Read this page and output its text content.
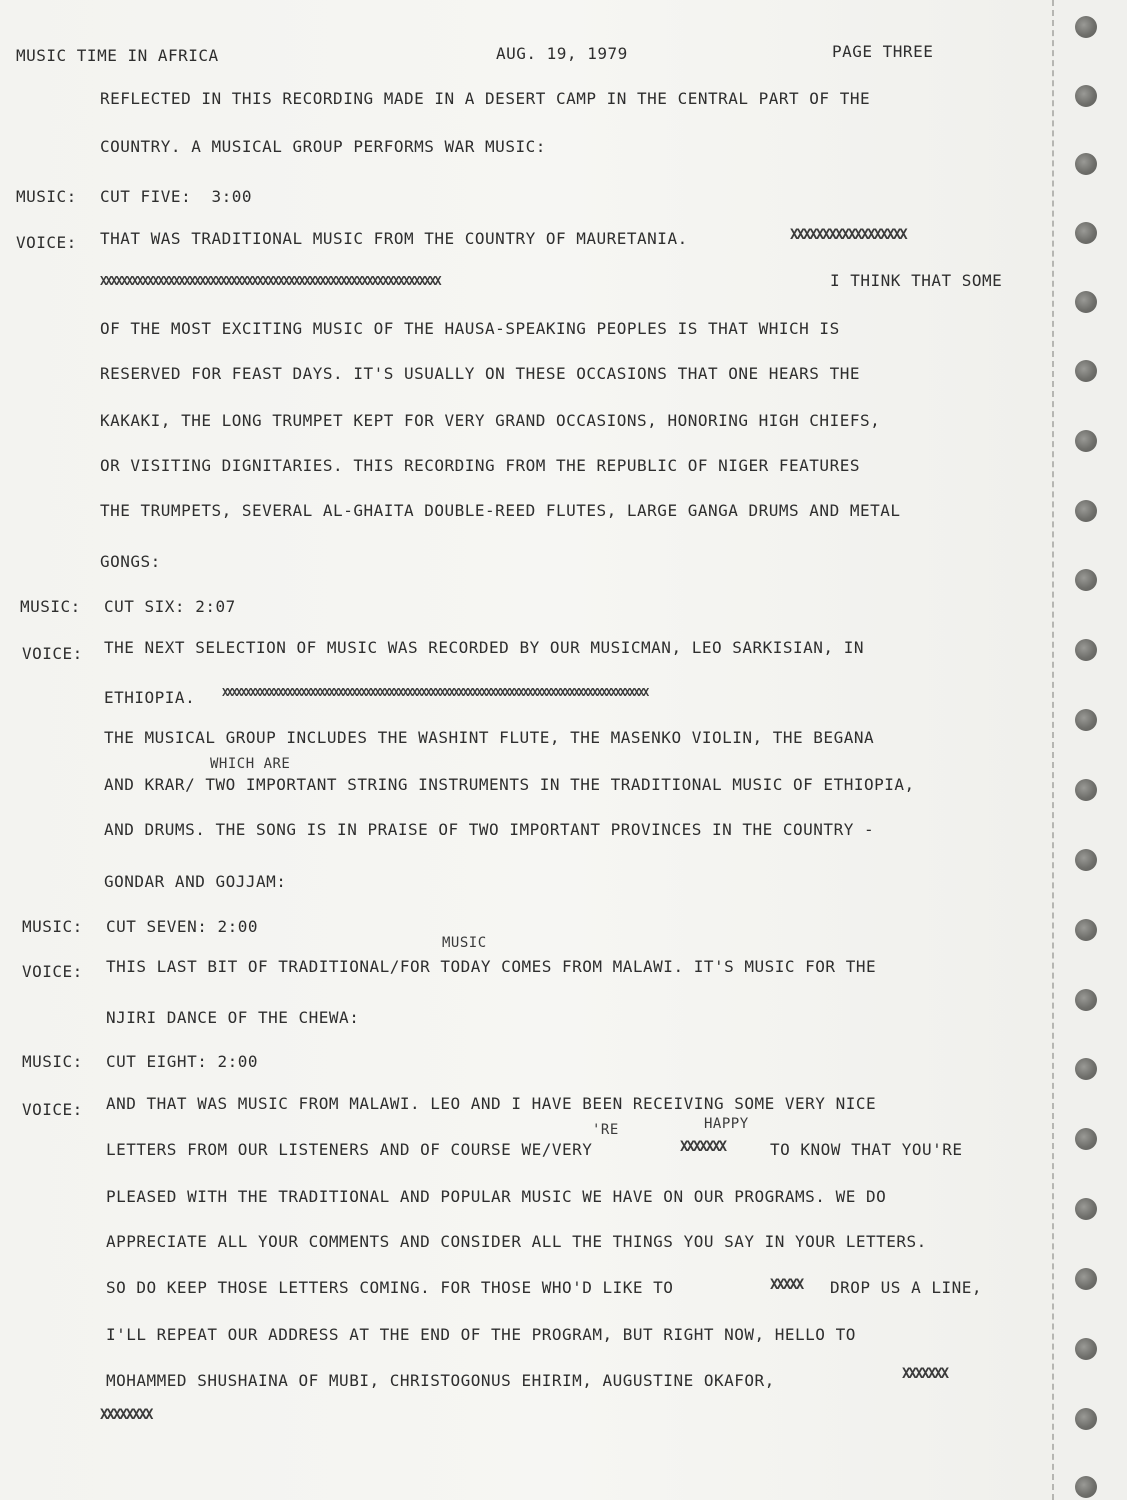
MUSIC TIME IN AFRICA	AUG. 19, 1979	PAGE THREE
REFLECTED IN THIS RECORDING MADE IN A DESERT CAMP IN THE CENTRAL PART OF THE
COUNTRY. A MUSICAL GROUP PERFORMS WAR MUSIC:
MUSIC: CUT FIVE:  3:00
VOICE: THAT WAS TRADITIONAL MUSIC FROM THE COUNTRY OF MAURETANIA.	XXXXXXXXXXXXXXXXXX
XXXXXXXXXXXXXXXXXXXXXXXXXXXXXXXXXXXXXXXXXXXXXXXXXXXXXXXXXXXXXXXXX	I THINK THAT SOME
OF THE MOST EXCITING MUSIC OF THE HAUSA-SPEAKING PEOPLES IS THAT WHICH IS
RESERVED FOR FEAST DAYS. IT'S USUALLY ON THESE OCCASIONS THAT ONE HEARS THE
KAKAKI, THE LONG TRUMPET KEPT FOR VERY GRAND OCCASIONS, HONORING HIGH CHIEFS,
OR VISITING DIGNITARIES. THIS RECORDING FROM THE REPUBLIC OF NIGER FEATURES
THE TRUMPETS, SEVERAL AL-GHAITA DOUBLE-REED FLUTES, LARGE GANGA DRUMS AND METAL
GONGS:
MUSIC: CUT SIX: 2:07
VOICE: THE NEXT SELECTION OF MUSIC WAS RECORDED BY OUR MUSICMAN, LEO SARKISIAN, IN
ETHIOPIA. XXXXXXXXXXXXXXXXXXXXXXXXXXXXXXXXXXXXXXXXXXXXXXXXXXXXXXXXXXXXXXXXXXXXXXXXXXXXXXXXXXXXXXXXXXXX
THE MUSICAL GROUP INCLUDES THE WASHINT FLUTE, THE MASENKO VIOLIN, THE BEGANA
WHICH ARE
AND KRAR/ TWO IMPORTANT STRING INSTRUMENTS IN THE TRADITIONAL MUSIC OF ETHIOPIA,
AND DRUMS. THE SONG IS IN PRAISE OF TWO IMPORTANT PROVINCES IN THE COUNTRY -
GONDAR AND GOJJAM:
MUSIC: CUT SEVEN: 2:00
MUSIC
VOICE: THIS LAST BIT OF TRADITIONAL/FOR TODAY COMES FROM MALAWI. IT'S MUSIC FOR THE
NJIRI DANCE OF THE CHEWA:
MUSIC: CUT EIGHT: 2:00
VOICE: AND THAT WAS MUSIC FROM MALAWI. LEO AND I HAVE BEEN RECEIVING SOME VERY NICE
'RE	HAPPY
LETTERS FROM OUR LISTENERS AND OF COURSE WE/VERY	XXXXXXX	TO KNOW THAT YOU'RE
PLEASED WITH THE TRADITIONAL AND POPULAR MUSIC WE HAVE ON OUR PROGRAMS. WE DO
APPRECIATE ALL YOUR COMMENTS AND CONSIDER ALL THE THINGS YOU SAY IN YOUR LETTERS.
SO DO KEEP THOSE LETTERS COMING. FOR THOSE WHO'D LIKE TO	XXXXX DROP US A LINE,
I'LL REPEAT OUR ADDRESS AT THE END OF THE PROGRAM, BUT RIGHT NOW, HELLO TO
MOHAMMED SHUSHAINA OF MUBI, CHRISTOGONUS EHIRIM, AUGUSTINE OKAFOR,	XXXXXXX
XXXXXXXX
